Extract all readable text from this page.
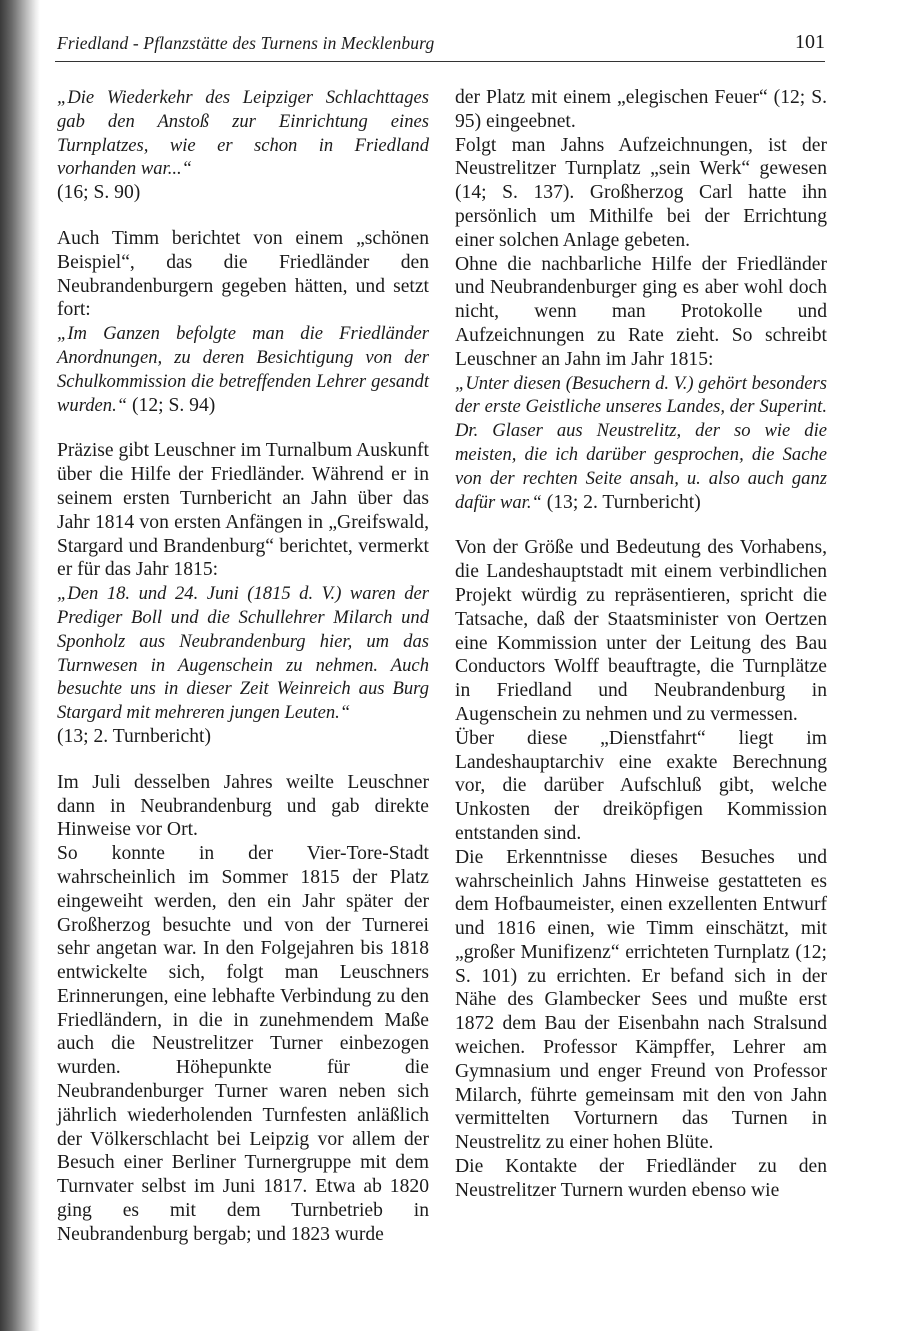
Friedland - Pflanzstätte des Turnens in Mecklenburg	101

„Die Wiederkehr des Leipziger Schlachttages gab den Anstoß zur Einrichtung eines Turnplatzes, wie er schon in Friedland vorhanden war...“

(16; S. 90)

Auch Timm berichtet von einem „schönen Beispiel“, das die Friedländer den Neubrandenburgern gegeben hätten, und setzt fort:

„Im Ganzen befolgte man die Friedländer Anordnungen, zu deren Besichtigung von der Schulkommission die betreffenden Lehrer gesandt wurden.“ (12; S. 94)

Präzise gibt Leuschner im Turnalbum Auskunft über die Hilfe der Friedländer. Während er in seinem ersten Turnbericht an Jahn über das Jahr 1814 von ersten Anfängen in „Greifswald, Stargard und Brandenburg“ berichtet, vermerkt er für das Jahr 1815:

„Den 18. und 24. Juni (1815 d. V.) waren der Prediger Boll und die Schullehrer Milarch und Sponholz aus Neubrandenburg hier, um das Turnwesen in Augenschein zu nehmen. Auch besuchte uns in dieser Zeit Weinreich aus Burg Stargard mit mehreren jungen Leuten.“

(13; 2. Turnbericht)

Im Juli desselben Jahres weilte Leuschner dann in Neubrandenburg und gab direkte Hinweise vor Ort.

So konnte in der Vier-Tore-Stadt wahrscheinlich im Sommer 1815 der Platz eingeweiht werden, den ein Jahr später der Großherzog besuchte und von der Turnerei sehr angetan war. In den Folgejahren bis 1818 entwickelte sich, folgt man Leuschners Erinnerungen, eine lebhafte Verbindung zu den Friedländern, in die in zunehmendem Maße auch die Neustrelitzer Turner einbezogen wurden. Höhepunkte für die Neubrandenburger Turner waren neben sich jährlich wiederholenden Turnfesten anläßlich der Völkerschlacht bei Leipzig vor allem der Besuch einer Berliner Turnergruppe mit dem Turnvater selbst im Juni 1817. Etwa ab 1820 ging es mit dem Turnbetrieb in Neubrandenburg bergab; und 1823 wurde

der Platz mit einem „elegischen Feuer“ (12; S. 95) eingeebnet.

Folgt man Jahns Aufzeichnungen, ist der Neustrelitzer Turnplatz „sein Werk“ gewesen (14; S. 137). Großherzog Carl hatte ihn persönlich um Mithilfe bei der Errichtung einer solchen Anlage gebeten.

Ohne die nachbarliche Hilfe der Friedländer und Neubrandenburger ging es aber wohl doch nicht, wenn man Protokolle und Aufzeichnungen zu Rate zieht. So schreibt Leuschner an Jahn im Jahr 1815:

„Unter diesen (Besuchern d. V.) gehört besonders der erste Geistliche unseres Landes, der Superint. Dr. Glaser aus Neustrelitz, der so wie die meisten, die ich darüber gesprochen, die Sache von der rechten Seite ansah, u. also auch ganz dafür war.“ (13; 2. Turnbericht)

Von der Größe und Bedeutung des Vorhabens, die Landeshauptstadt mit einem verbindlichen Projekt würdig zu repräsentieren, spricht die Tatsache, daß der Staatsminister von Oertzen eine Kommission unter der Leitung des Bau Conductors Wolff beauftragte, die Turnplätze in Friedland und Neubrandenburg in Augenschein zu nehmen und zu vermessen.

Über diese „Dienstfahrt“ liegt im Landeshauptarchiv eine exakte Berechnung vor, die darüber Aufschluß gibt, welche Unkosten der dreiköpfigen Kommission entstanden sind.

Die Erkenntnisse dieses Besuches und wahrscheinlich Jahns Hinweise gestatteten es dem Hofbaumeister, einen exzellenten Entwurf und 1816 einen, wie Timm einschätzt, mit „großer Munifizenz“ errichteten Turnplatz (12; S. 101) zu errichten. Er befand sich in der Nähe des Glambecker Sees und mußte erst 1872 dem Bau der Eisenbahn nach Stralsund weichen. Professor Kämpffer, Lehrer am Gymnasium und enger Freund von Professor Milarch, führte gemeinsam mit den von Jahn vermittelten Vorturnern das Turnen in Neustrelitz zu einer hohen Blüte.

Die Kontakte der Friedländer zu den Neustrelitzer Turnern wurden ebenso wie
